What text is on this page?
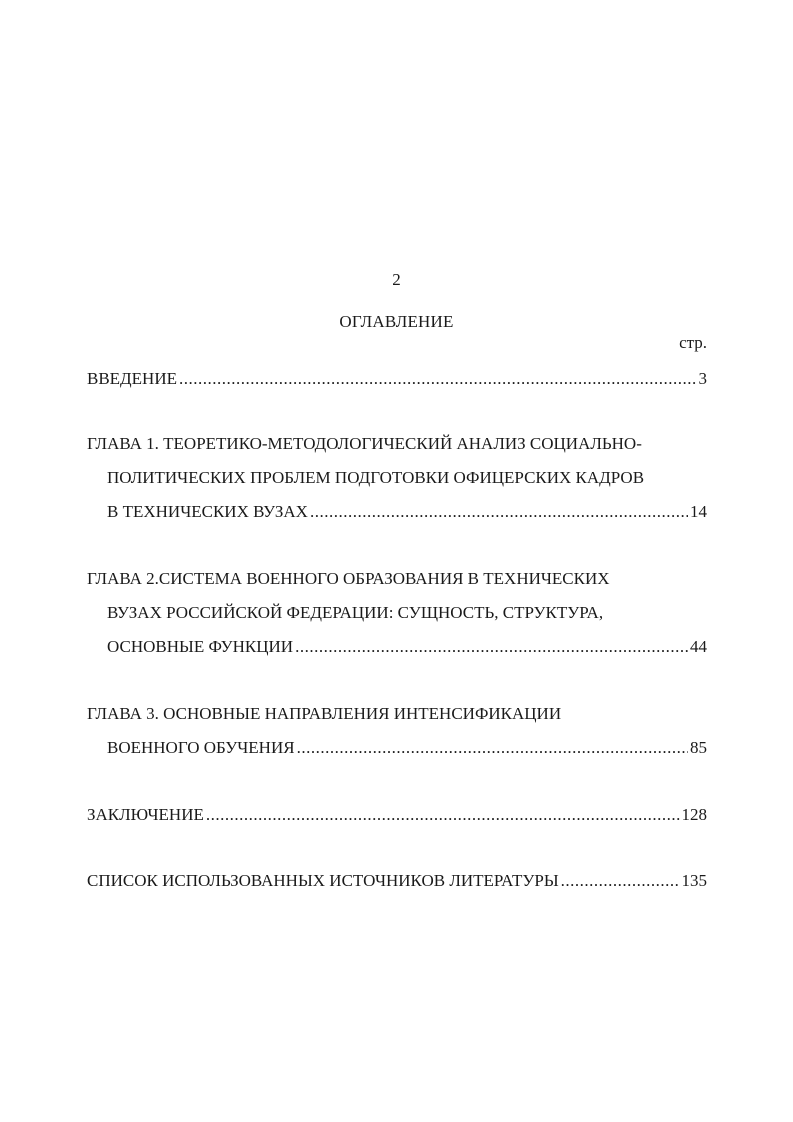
2
ОГЛАВЛЕНИЕ
стр.
ВВЕДЕНИЕ .....	3
ГЛАВА 1. ТЕОРЕТИКО-МЕТОДОЛОГИЧЕСКИЙ АНАЛИЗ СОЦИАЛЬНО-
ПОЛИТИЧЕСКИХ ПРОБЛЕМ ПОДГОТОВКИ ОФИЦЕРСКИХ КАДРОВ
В ТЕХНИЧЕСКИХ ВУЗАХ .....	14
ГЛАВА 2.СИСТЕМА ВОЕННОГО ОБРАЗОВАНИЯ В ТЕХНИЧЕСКИХ
ВУЗАХ РОССИЙСКОЙ ФЕДЕРАЦИИ: СУЩНОСТЬ, СТРУКТУРА,
ОСНОВНЫЕ ФУНКЦИИ .....	44
ГЛАВА 3. ОСНОВНЫЕ НАПРАВЛЕНИЯ ИНТЕНСИФИКАЦИИ
ВОЕННОГО ОБУЧЕНИЯ .....	85
ЗАКЛЮЧЕНИЕ .....	128
СПИСОК ИСПОЛЬЗОВАННЫХ ИСТОЧНИКОВ ЛИТЕРАТУРЫ .....	135
